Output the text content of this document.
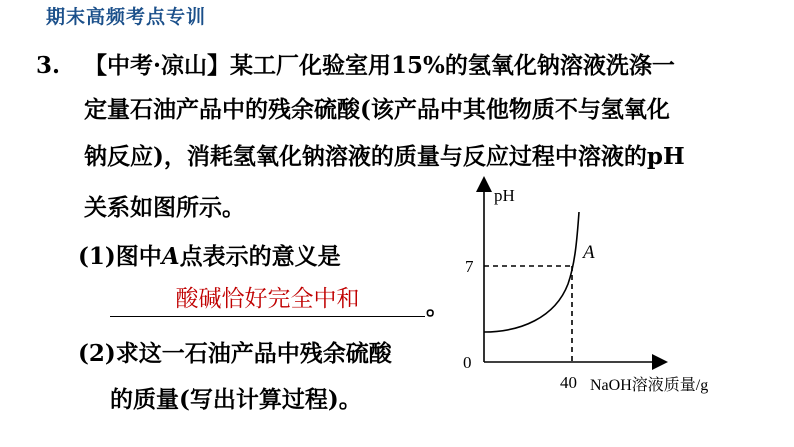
期末高频考点专训
3. 【中考·凉山】某工厂化验室用15%的氢氧化钠溶液洗涤一
定量石油产品中的残余硫酸(该产品中其他物质不与氢氧化
钠反应)，消耗氢氧化钠溶液的质量与反应过程中溶液的pH
关系如图所示。
(1)图中A点表示的意义是
酸碱恰好完全中和	。
(2)求这一石油产品中残余硫酸
的质量(写出计算过程)。
pH
0
7
40 NaOH溶液质量/g
A
